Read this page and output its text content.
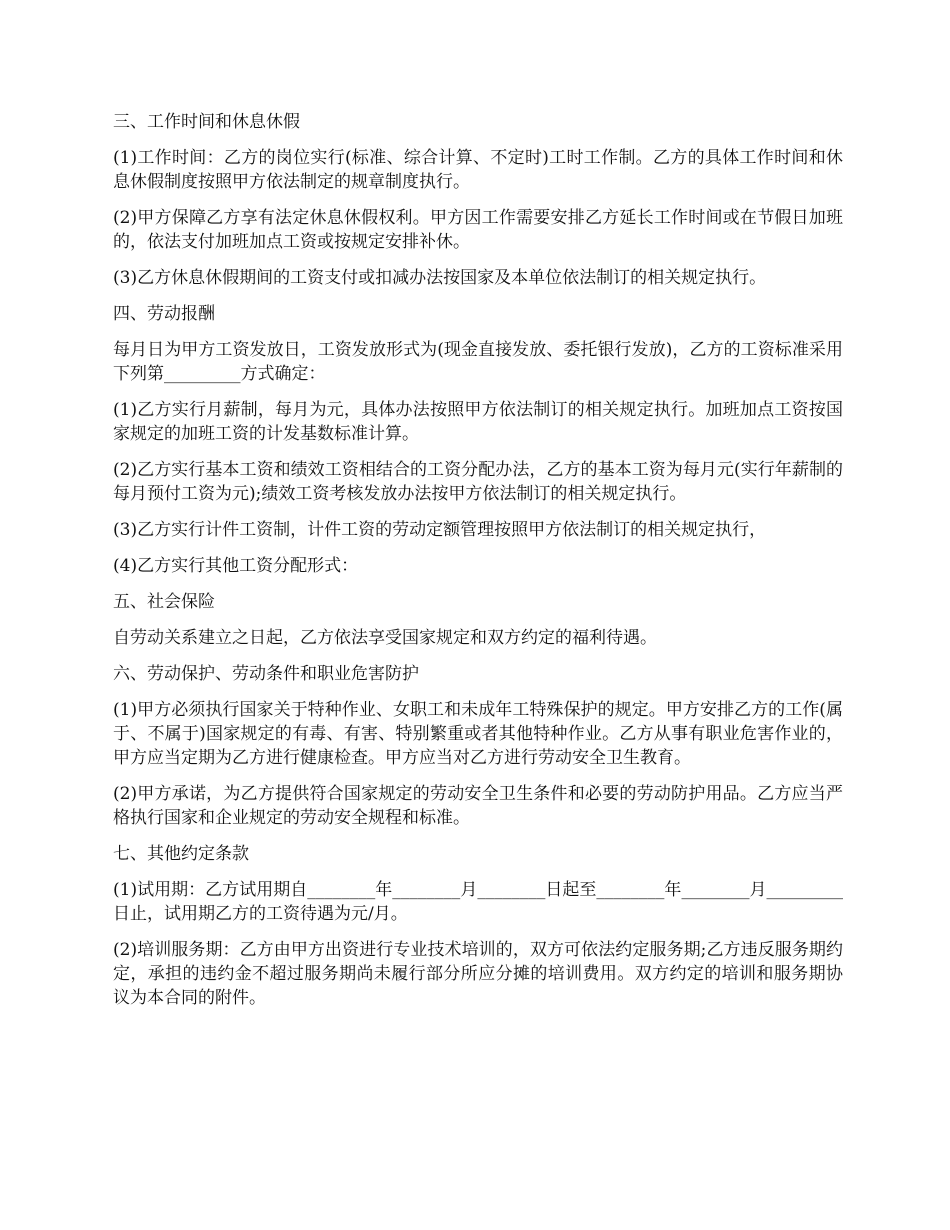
三、工作时间和休息休假

(1)工作时间：乙方的岗位实行(标准、综合计算、不定时)工时工作制。乙方的具体工作时间和休息休假制度按照甲方依法制定的规章制度执行。

(2)甲方保障乙方享有法定休息休假权利。甲方因工作需要安排乙方延长工作时间或在节假日加班的，依法支付加班加点工资或按规定安排补休。

(3)乙方休息休假期间的工资支付或扣减办法按国家及本单位依法制订的相关规定执行。

四、劳动报酬

每月日为甲方工资发放日，工资发放形式为(现金直接发放、委托银行发放)，乙方的工资标准采用下列第_________方式确定：

(1)乙方实行月薪制，每月为元，具体办法按照甲方依法制订的相关规定执行。加班加点工资按国家规定的加班工资的计发基数标准计算。

(2)乙方实行基本工资和绩效工资相结合的工资分配办法，乙方的基本工资为每月元(实行年薪制的每月预付工资为元);绩效工资考核发放办法按甲方依法制订的相关规定执行。

(3)乙方实行计件工资制，计件工资的劳动定额管理按照甲方依法制订的相关规定执行，

(4)乙方实行其他工资分配形式：

五、社会保险

自劳动关系建立之日起，乙方依法享受国家规定和双方约定的福利待遇。

六、劳动保护、劳动条件和职业危害防护

(1)甲方必须执行国家关于特种作业、女职工和未成年工特殊保护的规定。甲方安排乙方的工作(属于、不属于)国家规定的有毒、有害、特别繁重或者其他特种作业。乙方从事有职业危害作业的，甲方应当定期为乙方进行健康检查。甲方应当对乙方进行劳动安全卫生教育。

(2)甲方承诺，为乙方提供符合国家规定的劳动安全卫生条件和必要的劳动防护用品。乙方应当严格执行国家和企业规定的劳动安全规程和标准。

七、其他约定条款

(1)试用期：乙方试用期自________年________月________日起至________年________月_________日止，试用期乙方的工资待遇为元/月。

(2)培训服务期：乙方由甲方出资进行专业技术培训的，双方可依法约定服务期;乙方违反服务期约定，承担的违约金不超过服务期尚未履行部分所应分摊的培训费用。双方约定的培训和服务期协议为本合同的附件。
